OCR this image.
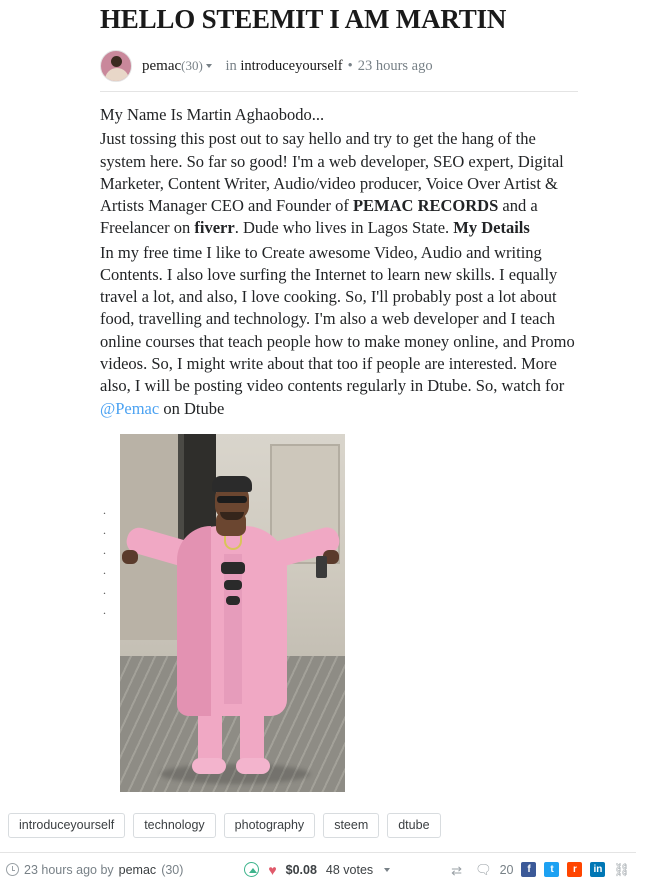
HELLO STEEMIT I AM MARTIN
pemac (30)
in
introduceyourself • 23 hours ago

My Name Is Martin Aghaobodo...

Just tossing this post out to say hello and try to get the hang of the system here. So far so good! I'm a web developer, SEO expert, Digital Marketer, Content Writer, Audio/video producer, Voice Over Artist & Artists Manager CEO and Founder of PEMAC RECORDS and a Freelancer on fiverr. Dude who lives in Lagos State. My Details

In my free time I like to Create awesome Video, Audio and writing Contents. I also love surfing the Internet to learn new skills. I equally travel a lot, and also, I love cooking. So, I'll probably post a lot about food, travelling and technology. I'm also a web developer and I teach online courses that teach people how to make money online, and Promo videos. So, I might write about that too if people are interested. More also, I will be posting video contents regularly in Dtube. So, watch for @Pemac on Dtube

.
.
.
.
.
.
introduceyourself	technology	photography	steem	dtube
23 hours ago by pemac (30)	♥ $0.08 48 votes	⇄	🗨 20	f	t	r	in ⛓
